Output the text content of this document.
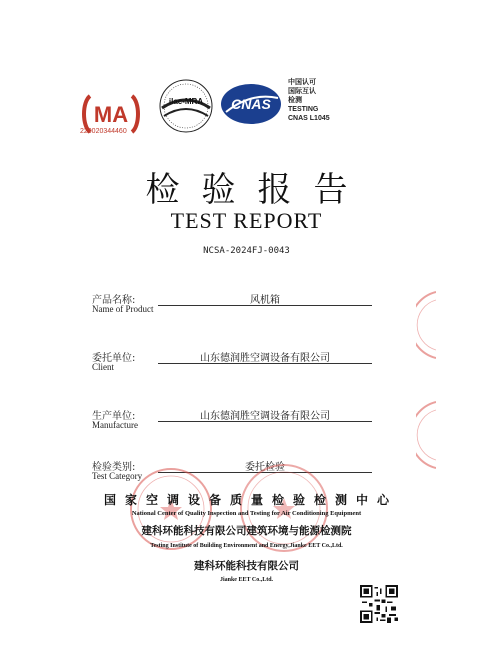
MA
220020344460
ilac-MRA CNAS
中国认可
国际互认
检测
TESTING
CNAS L1045
检验报告
TEST REPORT
NCSA-2024FJ-0043
产品名称:
Name of Product
风机箱
委托单位:
Client
山东德润胜空调设备有限公司
生产单位:
Manufacture
山东德润胜空调设备有限公司
检验类别:
Test Category
委托检验
国家空调设备质量检验检测中心
National Center of Quality Inspection and Testing for Air Conditioning Equipment
建科环能科技有限公司建筑环境与能源检测院
Testing Institute of Building Environment and Energy,Jianke EET Co.,Ltd.
建科环能科技有限公司
Jianke EET Co.,Ltd.
